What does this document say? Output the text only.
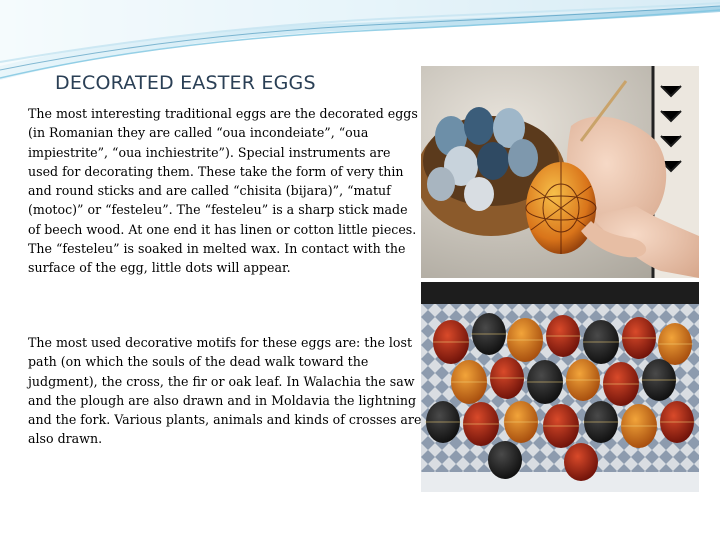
DECORATED EASTER EGGS

The most interesting traditional eggs are the decorated eggs (in Romanian they are called “oua incondeiate”, “oua impiestrite”, “oua inchiestrite”). Special instruments are used for decorating them. These take the form of very thin and round sticks and are called “chisita (bijara)”, “matuf (motoc)” or “festeleu”. The “festeleu” is a sharp stick made of beech wood. At one end it has linen or cotton little pieces. The “festeleu” is soaked in melted wax. In contact with the surface of the egg, little dots will appear.

The most used decorative motifs for these eggs are: the lost path (on which the souls of the dead walk toward the judgment), the cross, the fir or oak leaf. In Walachia the saw and the plough are also drawn and in Moldavia the lightning and the fork. Various plants, animals and kinds of crosses are also drawn.
